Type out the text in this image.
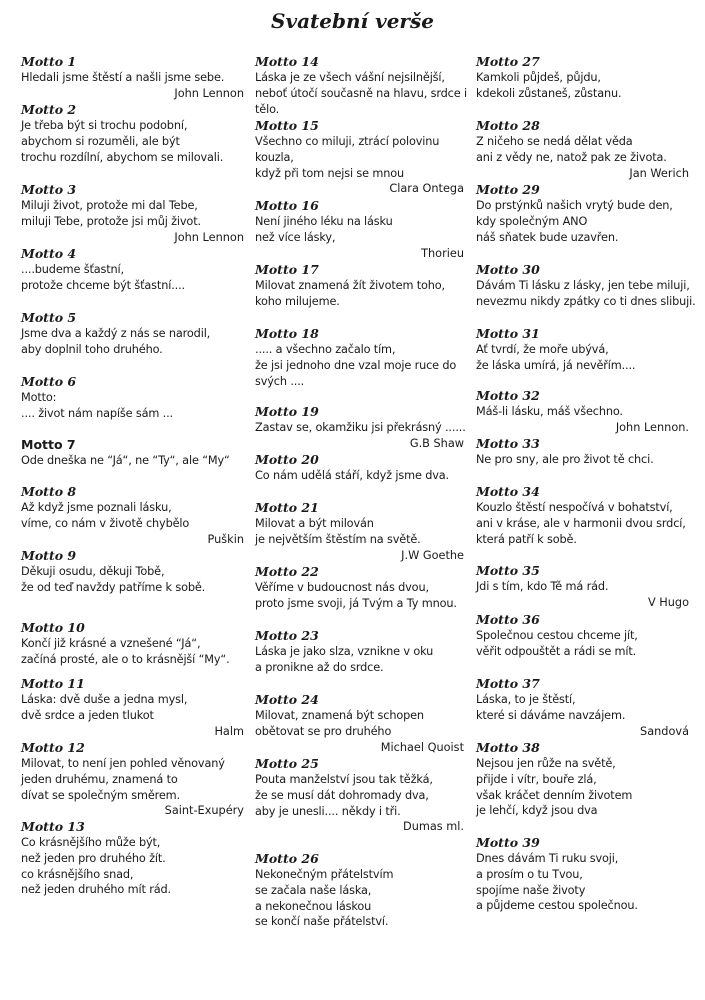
Svatební verše
Motto 1
Hledali jsme štěstí a našli jsme sebe.
John Lennon
Motto 2
Je třeba být si trochu podobní,
abychom si rozuměli, ale být
trochu rozdílní, abychom se milovali.
Motto 3
Miluji život, protože mi dal Tebe,
miluji Tebe, protože jsi můj život.
John Lennon
Motto 4
....budeme šťastní,
protože chceme být šťastní....
Motto 5
Jsme dva a každý z nás se narodil,
aby doplnil toho druhého.
Motto 6
Motto:
.... život nám napíše sám ...
Motto 7
Ode dneška ne “Já“, ne “Ty“, ale “My“
Motto 8
Až když jsme poznali lásku,
víme, co nám v životě chybělo
Puškin
Motto 9
Děkuji osudu, děkuji Tobě,
že od teď navždy patříme k sobě.
Motto 10
Končí již krásné a vznešené “Já“,
začíná prosté, ale o to krásnější “My“.
Motto 11
Láska: dvě duše a jedna mysl,
dvě srdce a jeden tlukot
Halm
Motto 12
Milovat, to není jen pohled věnovaný
jeden druhému, znamená to
dívat se společným směrem.
Saint-Exupéry
Motto 13
Co krásnějšího může být,
než jeden pro druhého žít.
co krásnějšího snad,
než jeden druhého mít rád.
Motto 14
Láska je ze všech vášní nejsilnější,
neboť útočí současně na hlavu, srdce i
tělo.
Motto 15
Všechno co miluji, ztrácí polovinu
kouzla,
když při tom nejsi se mnou
Clara Ontega
Motto 16
Není jiného léku na lásku
než více lásky,
Thorieu
Motto 17
Milovat znamená žít životem toho,
koho milujeme.
Motto 18
..... a všechno začalo tím,
že jsi jednoho dne vzal moje ruce do
svých ....
Motto 19
Zastav se, okamžiku jsi překrásný ......
G.B Shaw
Motto 20
Co nám udělá stáří, když jsme dva.
Motto 21
Milovat a být milován
je největším štěstím na světě.
J.W Goethe
Motto 22
Věříme v budoucnost nás dvou,
proto jsme svoji, já Tvým a Ty mnou.
Motto 23
Láska je jako slza, vznikne v oku
a pronikne až do srdce.
Motto 24
Milovat, znamená být schopen
obětovat se pro druhého
Michael Quoist
Motto 25
Pouta manželství jsou tak těžká,
že se musí dát dohromady dva,
aby je unesli.... někdy i tři.
Dumas ml.
Motto 26
Nekonečným přátelstvím
se začala naše láska,
a nekonečnou láskou
se končí naše přátelství.
Motto 27
Kamkoli půjdeš, půjdu,
kdekoli zůstaneš, zůstanu.
Motto 28
Z ničeho se nedá dělat věda
ani z vědy ne, natož pak ze života.
Jan Werich
Motto 29
Do prstýnků našich vrytý bude den,
kdy společným ANO
náš sňatek bude uzavřen.
Motto 30
Dávám Ti lásku z lásky, jen tebe miluji,
nevezmu nikdy zpátky co ti dnes slibuji.
Motto 31
Ať tvrdí, že moře ubývá,
že láska umírá, já nevěřím....
Motto 32
Máš-li lásku, máš všechno.
John Lennon.
Motto 33
Ne pro sny, ale pro život tě chci.
Motto 34
Kouzlo štěstí nespočívá v bohatství,
ani v kráse, ale v harmonii dvou srdcí,
která patří k sobě.
Motto 35
Jdi s tím, kdo Tě má rád.
V Hugo
Motto 36
Společnou cestou chceme jít,
věřit odpouštět a rádi se mít.
Motto 37
Láska, to je štěstí,
které si dáváme navzájem.
Sandová
Motto 38
Nejsou jen růže na světě,
přijde i vítr, bouře zlá,
však kráčet denním životem
je lehčí, když jsou dva
Motto 39
Dnes dávám Ti ruku svoji,
a prosím o tu Tvou,
spojíme naše životy
a půjdeme cestou společnou.
